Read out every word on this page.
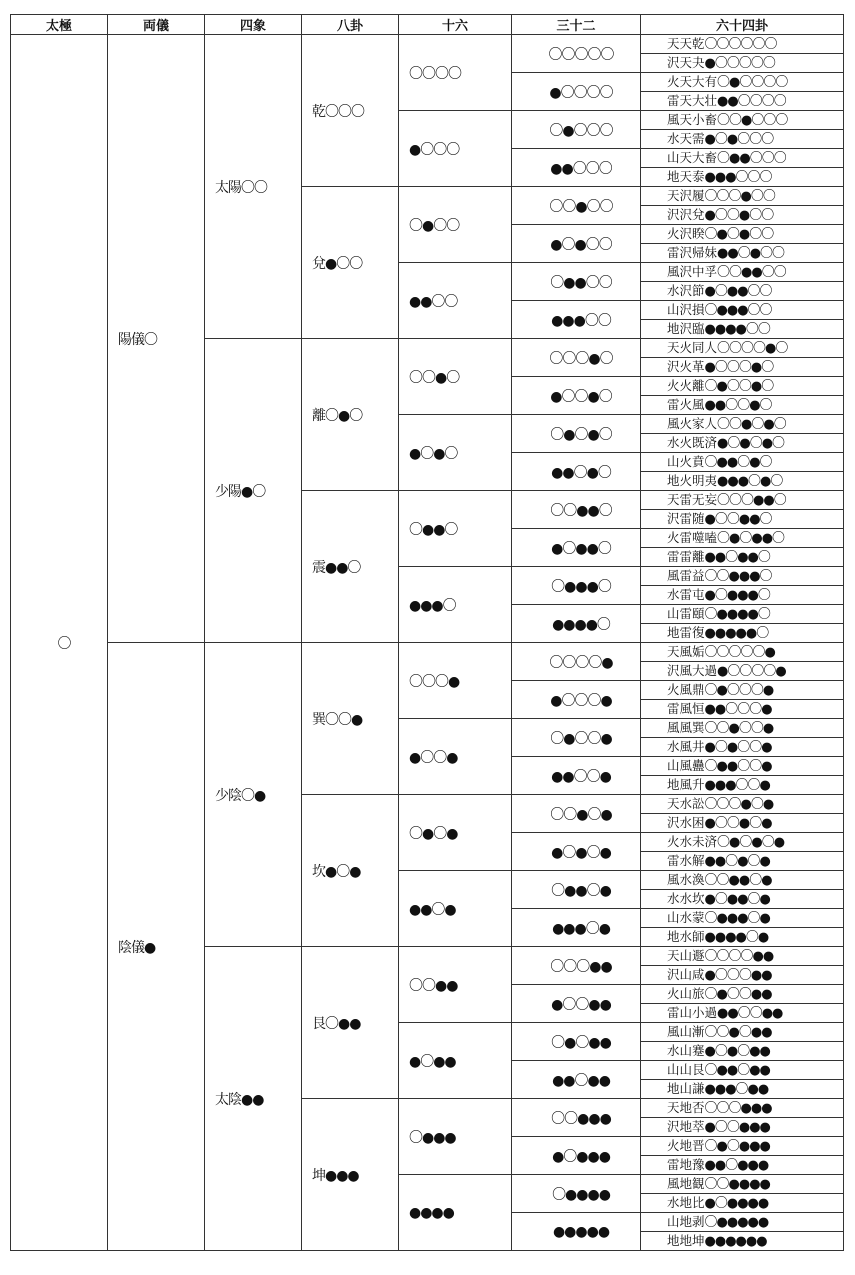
太極	両儀	四象	八卦	十六	三十二	六十四卦
〇	陽儀〇	太陽〇〇	乾〇〇〇	〇〇〇〇	〇〇〇〇〇	天天乾〇〇〇〇〇〇
						沢天夬●〇〇〇〇〇
					●〇〇〇〇	火天大有〇●〇〇〇〇
						雷天大壮●●〇〇〇〇
				●〇〇〇	〇●〇〇〇	風天小畜〇〇●〇〇〇
						水天需●〇●〇〇〇
					●●〇〇〇	山天大畜〇●●〇〇〇
						地天泰●●●〇〇〇
			兌●〇〇	〇●〇〇	〇〇●〇〇	天沢履〇〇〇●〇〇
						沢沢兌●〇〇●〇〇
					●〇●〇〇	火沢睽〇●〇●〇〇
						雷沢帰妹●●〇●〇〇
				●●〇〇	〇●●〇〇	風沢中孚〇〇●●〇〇
						水沢節●〇●●〇〇
					●●●〇〇	山沢損〇●●●〇〇
						地沢臨●●●●〇〇
		少陽●〇	離〇●〇	〇〇●〇	〇〇〇●〇	天火同人〇〇〇〇●〇
						沢火革●〇〇〇●〇
					●〇〇●〇	火火離〇●〇〇●〇
						雷火風●●〇〇●〇
				●〇●〇	〇●〇●〇	風火家人〇〇●〇●〇
						水火既済●〇●〇●〇
					●●〇●〇	山火賁〇●●〇●〇
						地火明夷●●●〇●〇
			震●●〇	〇●●〇	〇〇●●〇	天雷无妄〇〇〇●●〇
						沢雷随●〇〇●●〇
					●〇●●〇	火雷噬嗑〇●〇●●〇
						雷雷離●●〇●●〇
				●●●〇	〇●●●〇	風雷益〇〇●●●〇
						水雷屯●〇●●●〇
					●●●●〇	山雷頤〇●●●●〇
						地雷復●●●●●〇
	陰儀●	少陰〇●	巽〇〇●	〇〇〇●	〇〇〇〇●	天風姤〇〇〇〇〇●
						沢風大過●〇〇〇〇●
					●〇〇〇●	火風鼎〇●〇〇〇●
						雷風恒●●〇〇〇●
				●〇〇●	〇●〇〇●	風風巽〇〇●〇〇●
						水風井●〇●〇〇●
					●●〇〇●	山風蠱〇●●〇〇●
						地風升●●●〇〇●
			坎●〇●	〇●〇●	〇〇●〇●	天水訟〇〇〇●〇●
						沢水困●〇〇●〇●
					●〇●〇●	火水未済〇●〇●〇●
						雷水解●●〇●〇●
				●●〇●	〇●●〇●	風水渙〇〇●●〇●
						水水坎●〇●●〇●
					●●●〇●	山水蒙〇●●●〇●
						地水師●●●●〇●
		太陰●●	艮〇●●	〇〇●●	〇〇〇●●	天山遯〇〇〇〇●●
						沢山咸●〇〇〇●●
					●〇〇●●	火山旅〇●〇〇●●
						雷山小過●●〇〇●●
				●〇●●	〇●〇●●	風山漸〇〇●〇●●
						水山蹇●〇●〇●●
					●●〇●●	山山艮〇●●〇●●
						地山謙●●●〇●●
			坤●●●	〇●●●	〇〇●●●	天地否〇〇〇●●●
						沢地萃●〇〇●●●
					●〇●●●	火地晋〇●〇●●●
						雷地豫●●〇●●●
				●●●●	〇●●●●	風地観〇〇●●●●
						水地比●〇●●●●
					●●●●●	山地剥〇●●●●●
						地地坤●●●●●●
